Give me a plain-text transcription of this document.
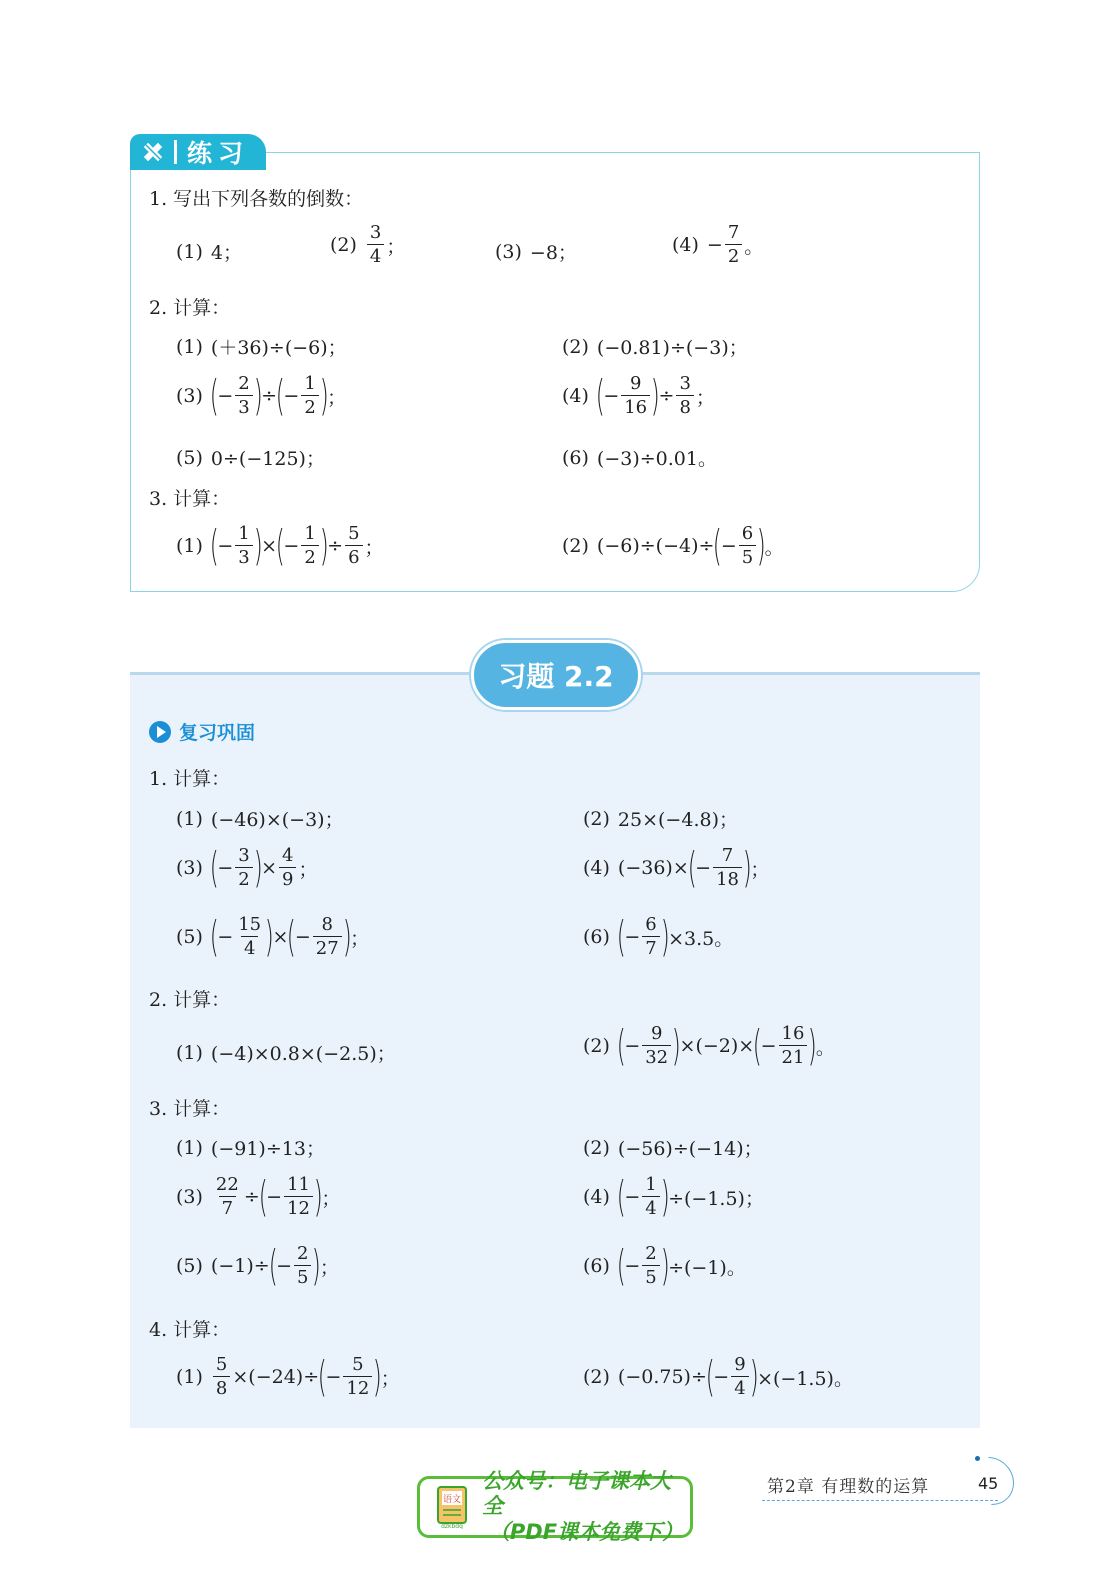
练习
1. 写出下列各数的倒数：
(1) 4；	$(2) \frac{3}{4}$ ；	(3) −8；	$(4) - \frac{7}{2}$ 。
2. 计算：
(1) (＋36)÷(−6)；	(2) (−0.81)÷(−3)；
(3) (
− $\frac{2}{3}$ )
÷
(
− $\frac{1}{2}$ )
；	(4) (
− $\frac{9}{16}$ )
÷ $\frac{3}{8}$ ；
(5) 0÷(−125)；	(6) (−3)÷0.01。
3. 计算：
(1) (
− $\frac{1}{3}$ )
×
(
− $\frac{1}{2}$ )
÷ $\frac{5}{6}$ ；	(2) (−6)÷(−4)÷
(
− $\frac{6}{5}$ )
。
习题 2.2
复习巩固
1. 计算：
(1) (−46)×(−3)；	(2) 25×(−4.8)；
(3) (
− $\frac{3}{2}$ )
× $\frac{4}{9}$ ；	(4) (−36)×
(
− $\frac{7}{18}$ )
；
(5) (
− $\frac{15}{4}$ )
×
(
− $\frac{8}{27}$ )
；	(6) (
− $\frac{6}{7}$ )
×3.5。
2. 计算：
(1) (−4)×0.8×(−2.5)；	(2) (
− $\frac{9}{32}$ )
×(−2)×
(
− $\frac{16}{21}$ )
。
3. 计算：
(1) (−91)÷13；	(2) (−56)÷(−14)；
$(3) \frac{22}{7}$ ÷
(
− $\frac{11}{12}$ )
；	(4) (
− $\frac{1}{4}$ )
÷(−1.5)；
(5) (−1)÷
(
− $\frac{2}{5}$ )
；	(6) (
− $\frac{2}{5}$ )
÷(−1)。
4. 计算：
$(1) \frac{5}{8} \times(-24)\div$
(
− $\frac{5}{12}$ )
；	(2) (−0.75)÷
(
− $\frac{9}{4}$ )
×(−1.5)。
语文
dzkbdq
公众号：电子课本大全
（PDF课本免费下）
第2章 有理数的运算	45
